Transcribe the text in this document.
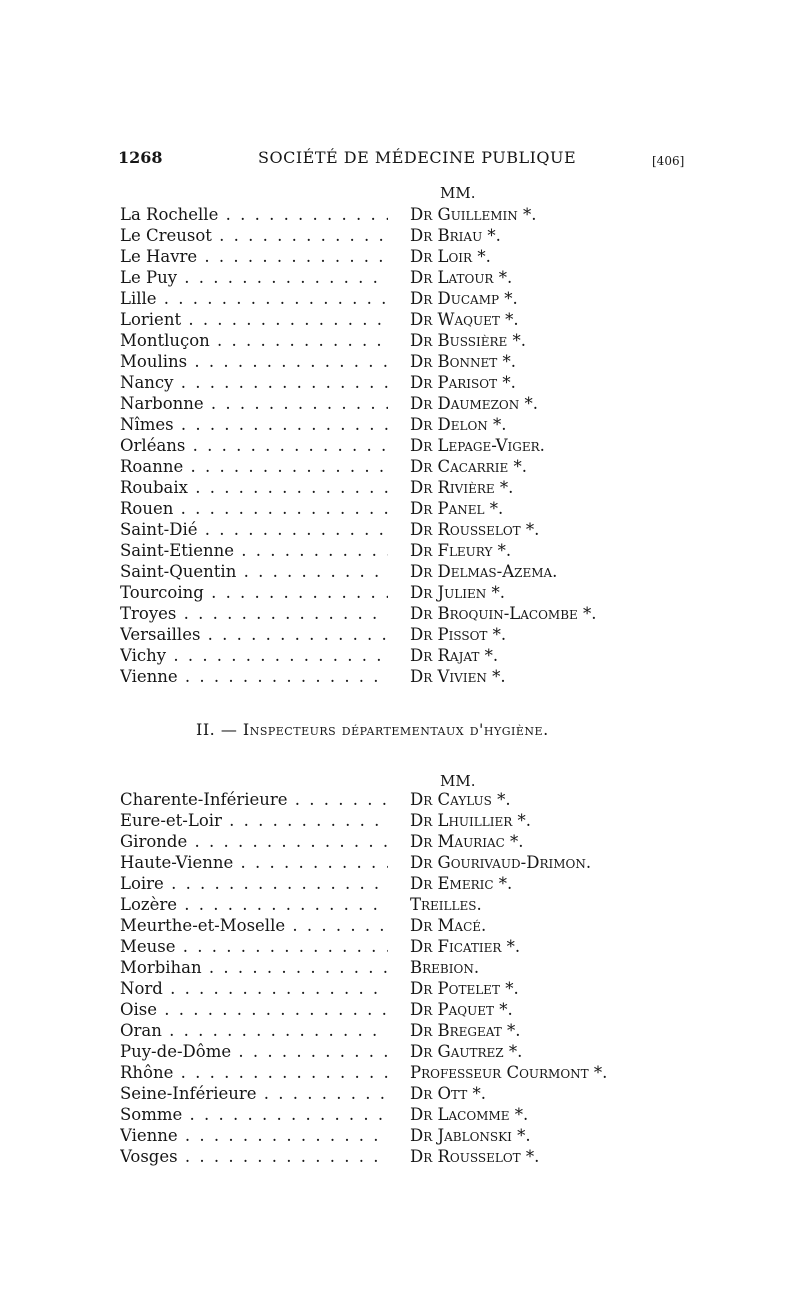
1268	SOCIÉTÉ DE MÉDECINE PUBLIQUE	[406]
MM.
La Rochelle . . .	Dr Guillemin *.
Le Creusot . . .	Dr Briau *.
Le Havre . . .	Dr Loir *.
Le Puy . . .	Dr Latour *.
Lille . . .	Dr Ducamp *.
Lorient . . .	Dr Waquet *.
Montluçon . . .	Dr Bussière *.
Moulins . . .	Dr Bonnet *.
Nancy . . .	Dr Parisot *.
Narbonne . . .	Dr Daumezon *.
Nîmes . . .	Dr Delon *.
Orléans . . .	Dr Lepage-Viger.
Roanne . . .	Dr Cacarrie *.
Roubaix . . .	Dr Rivière *.
Rouen . . .	Dr Panel *.
Saint-Dié . . .	Dr Rousselot *.
Saint-Etienne . . .	Dr Fleury *.
Saint-Quentin . . .	Dr Delmas-Azema.
Tourcoing . . .	Dr Julien *.
Troyes . . .	Dr Broquin-Lacombe *.
Versailles . . .	Dr Pissot *.
Vichy . . .	Dr Rajat *.
Vienne . . .	Dr Vivien *.
II. — Inspecteurs départementaux d'hygiène.
MM.
Charente-Inférieure . . .	Dr Caylus *.
Eure-et-Loir . . .	Dr Lhuillier *.
Gironde . . .	Dr Mauriac *.
Haute-Vienne . . .	Dr Gourivaud-Drimon.
Loire . . .	Dr Emeric *.
Lozère . . .	Treilles.
Meurthe-et-Moselle . . .	Dr Macé.
Meuse . . .	Dr Ficatier *.
Morbihan . . .	Brebion.
Nord . . .	Dr Potelet *.
Oise . . .	Dr Paquet *.
Oran . . .	Dr Bregeat *.
Puy-de-Dôme . . .	Dr Gautrez *.
Rhône . . .	Professeur Courmont *.
Seine-Inférieure . . .	Dr Ott *.
Somme . . .	Dr Lacomme *.
Vienne . . .	Dr Jablonski *.
Vosges . . .	Dr Rousselot *.
